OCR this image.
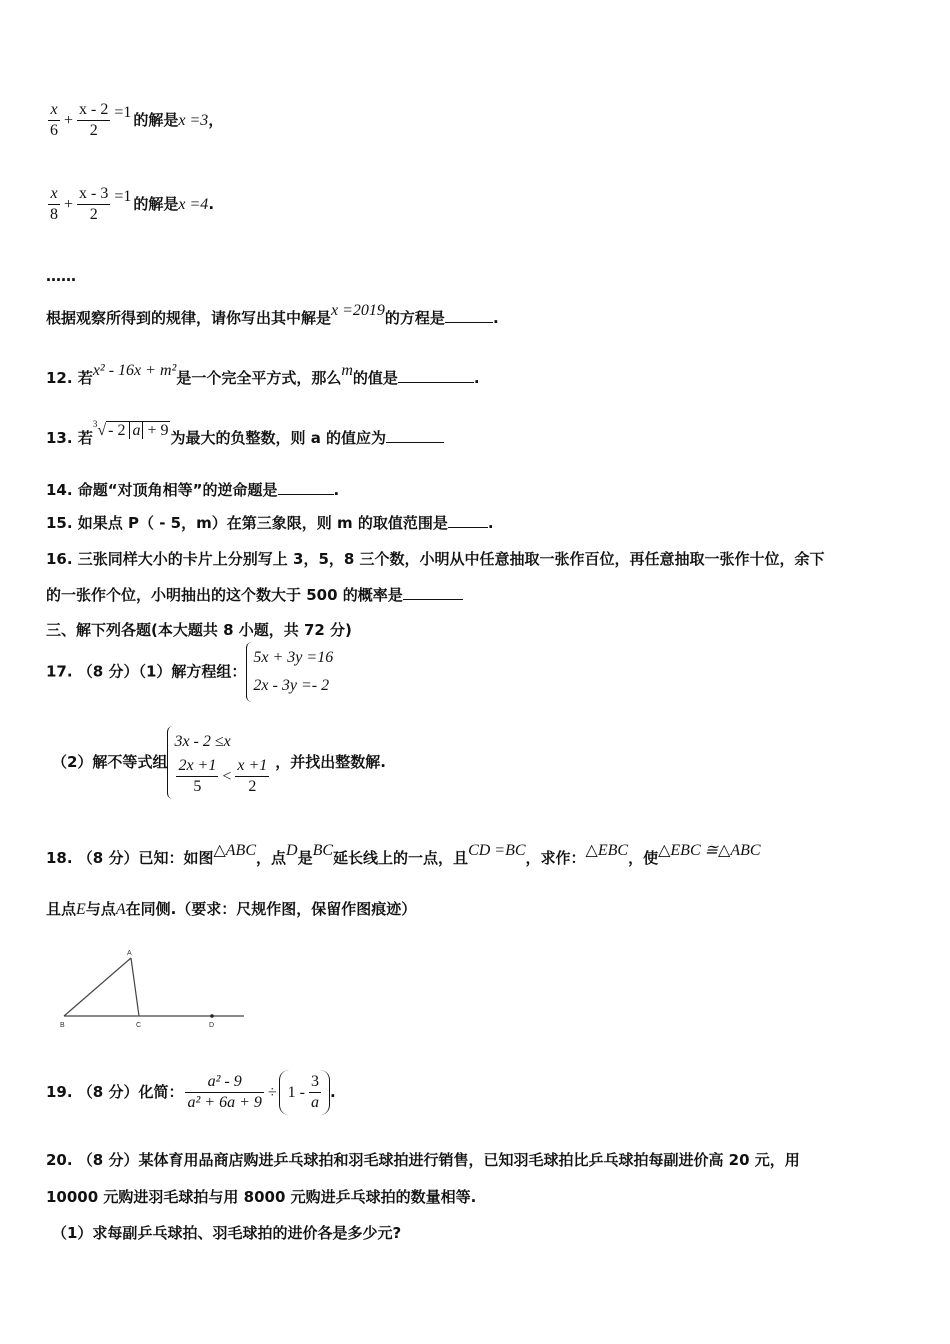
$\frac{x}{6} + \frac{x - 2}{2} =1$ 的解是x =3，
$\frac{x}{8} + \frac{x - 3}{2} =1$ 的解是x =4.
……
根据观察所得到的规律，请你写出其中解是x =2019的方程是	.
12. 若x² - 16x + m²是一个完全平方式，那么m的值是	.
13. 若$^3$√ - 2 a + 9 为最大的负整数，则 a 的值应为
14. 命题“对顶角相等”的逆命题是	.
15. 如果点 P（ - 5，m）在第三象限，则 m 的取值范围是	.
16. 三张同样大小的卡片上分别写上 3，5，8 三个数，小明从中任意抽取一张作百位，再任意抽取一张作十位，余下
的一张作个位，小明抽出的这个数大于 500 的概率是
三、解下列各题(本大题共 8 小题，共 72 分)
17. （8 分）（1）解方程组：
5x + 3y =16
2x - 3y =- 2
（2）解不等式组
3x - 2 ≤x
$\frac{2x +1}{5} < \frac{x +1}{2}$ ，并找出整数解.
18. （8 分）已知：如图△ABC，点D是BC延长线上的一点，且CD =BC，求作：△EBC，使△EBC ≅△ABC
且点E与点A在同侧.（要求：尺规作图，保留作图痕迹）
A
B	C	D
19. （8 分）化简： $\frac{\text{a² - 9}}{\text{a² + 6a + 9}} \div 1 - \frac{3}{a}$ .
20. （8 分）某体育用品商店购进乒乓球拍和羽毛球拍进行销售，已知羽毛球拍比乒乓球拍每副进价高 20 元，用
10000 元购进羽毛球拍与用 8000 元购进乒乓球拍的数量相等.
（1）求每副乒乓球拍、羽毛球拍的进价各是多少元?
